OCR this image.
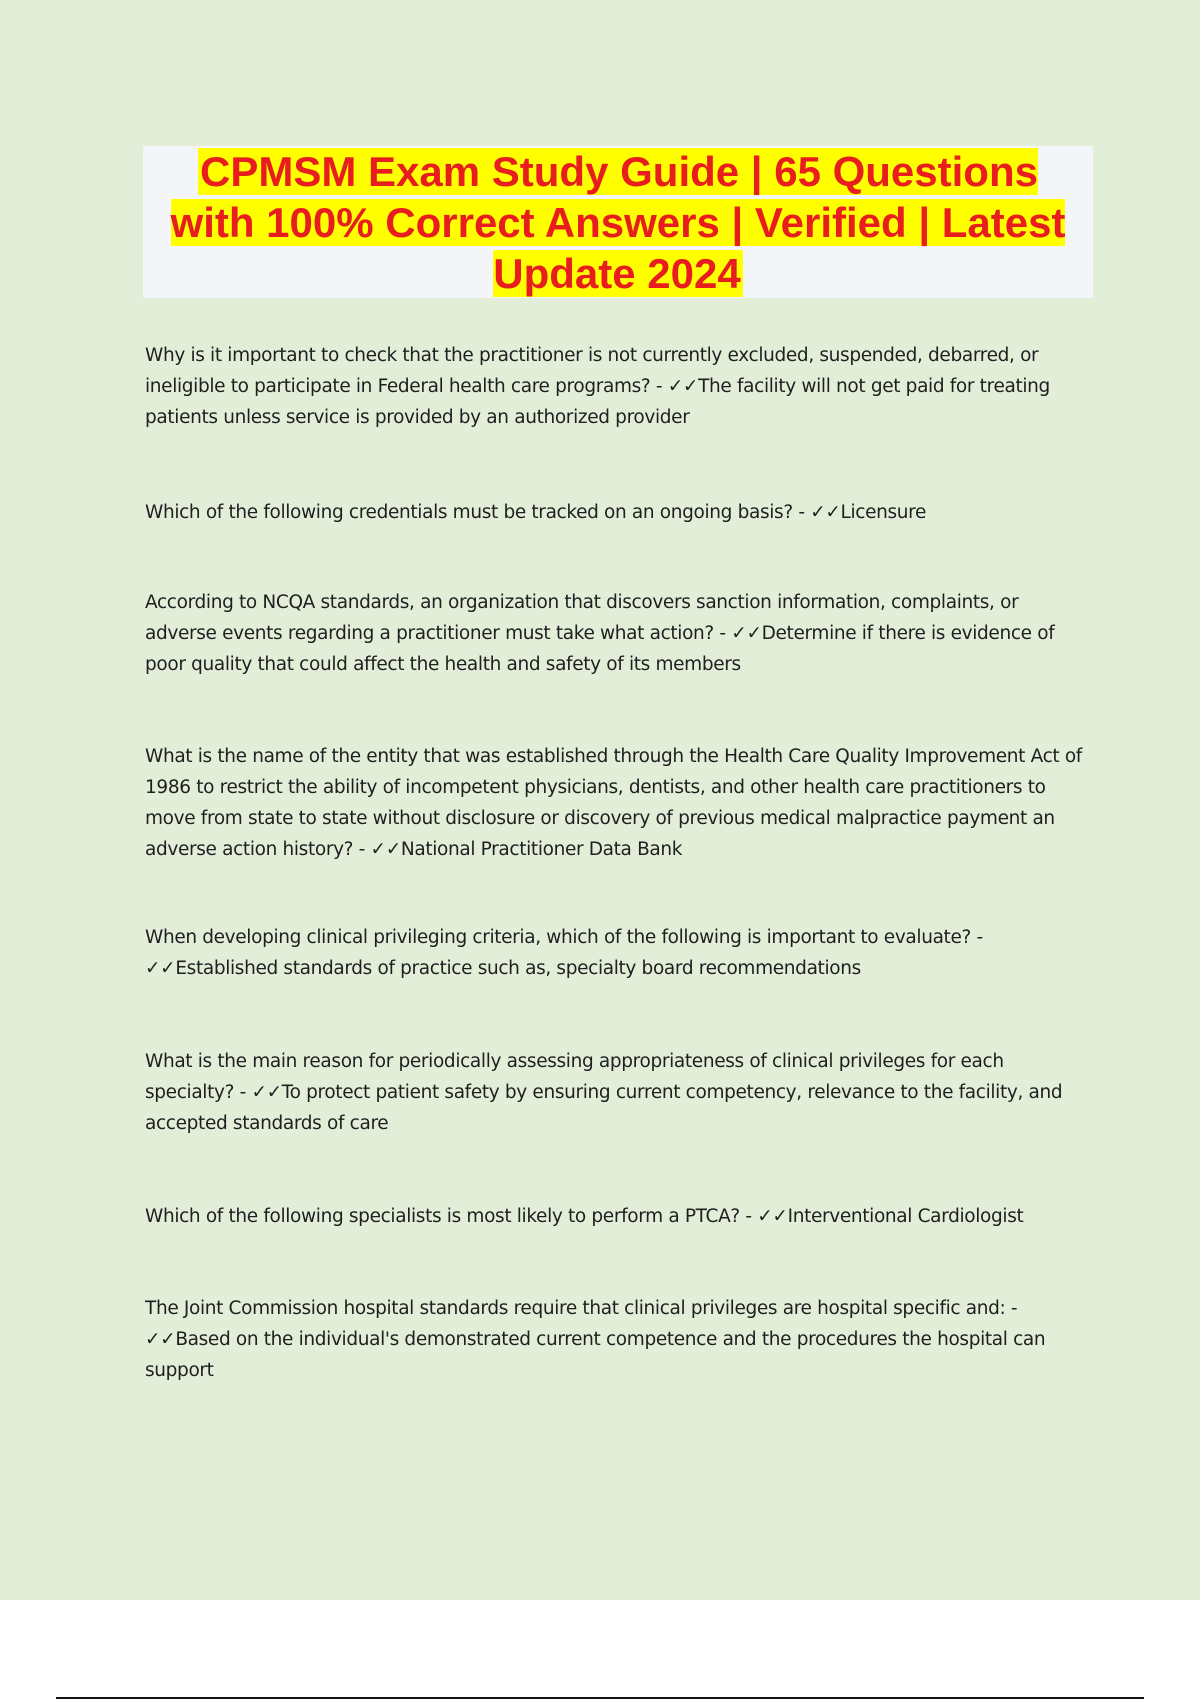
CPMSM Exam Study Guide | 65 Questions with 100% Correct Answers | Verified | Latest Update 2024

Why is it important to check that the practitioner is not currently excluded, suspended, debarred, or ineligible to participate in Federal health care programs? - ✓✓The facility will not get paid for treating patients unless service is provided by an authorized provider

Which of the following credentials must be tracked on an ongoing basis? - ✓✓Licensure

According to NCQA standards, an organization that discovers sanction information, complaints, or adverse events regarding a practitioner must take what action? - ✓✓Determine if there is evidence of poor quality that could affect the health and safety of its members

What is the name of the entity that was established through the Health Care Quality Improvement Act of 1986 to restrict the ability of incompetent physicians, dentists, and other health care practitioners to move from state to state without disclosure or discovery of previous medical malpractice payment an adverse action history? - ✓✓National Practitioner Data Bank

When developing clinical privileging criteria, which of the following is important to evaluate? - ✓✓Established standards of practice such as, specialty board recommendations

What is the main reason for periodically assessing appropriateness of clinical privileges for each specialty? - ✓✓To protect patient safety by ensuring current competency, relevance to the facility, and accepted standards of care

Which of the following specialists is most likely to perform a PTCA? - ✓✓Interventional Cardiologist

The Joint Commission hospital standards require that clinical privileges are hospital specific and: - ✓✓Based on the individual's demonstrated current competence and the procedures the hospital can support
